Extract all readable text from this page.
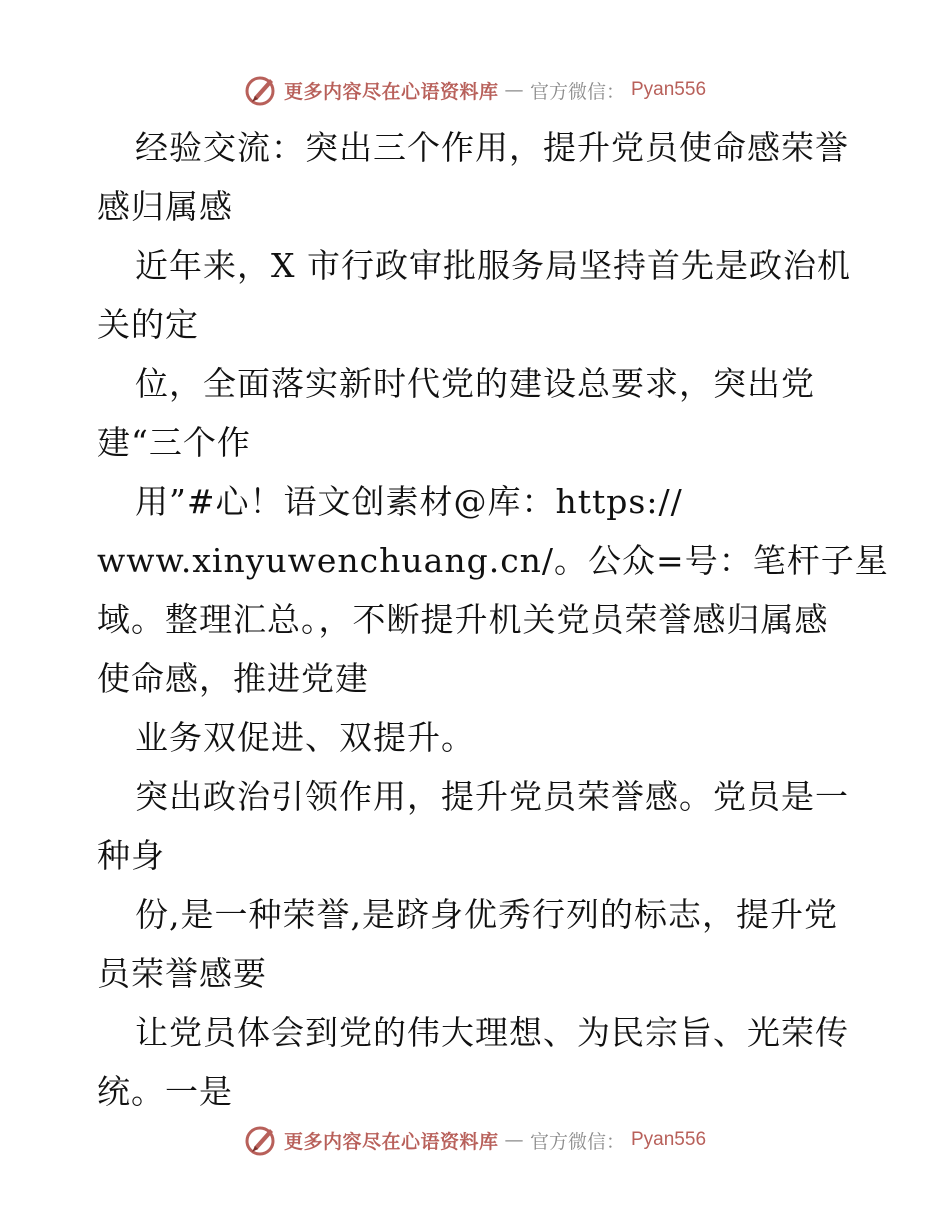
更多内容尽在心语资料库 — 官方微信： Pyan556
经验交流：突出三个作用，提升党员使命感荣誉
感归属感
近年来，X 市行政审批服务局坚持首先是政治机
关的定
位，全面落实新时代党的建设总要求，突出党
建“三个作
用”#心！语文创素材@库：https://
www.xinyuwenchuang.cn/。公众=号：笔杆子星
域。整理汇总。，不断提升机关党员荣誉感归属感
使命感，推进党建
业务双促进、双提升。
突出政治引领作用，提升党员荣誉感。党员是一
种身
份,是一种荣誉,是跻身优秀行列的标志，提升党
员荣誉感要
让党员体会到党的伟大理想、为民宗旨、光荣传
统。一是
更多内容尽在心语资料库 — 官方微信： Pyan556
